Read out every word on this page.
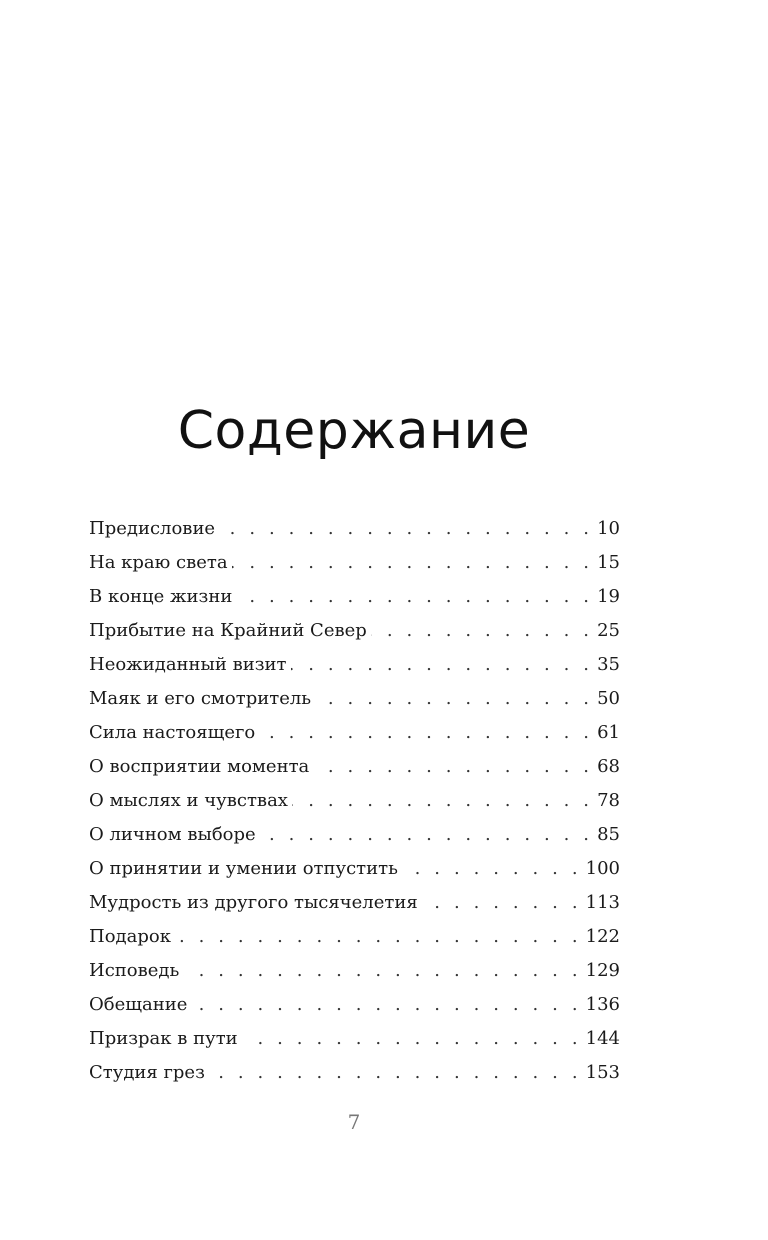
Содержание
Предисловие . . .	10
На краю света . . .	15
В конце жизни . . .	19
Прибытие на Крайний Север . . .	25
Неожиданный визит . . .	35
Маяк и его смотритель . . .	50
Сила настоящего . . .	61
О восприятии момента . . .	68
О мыслях и чувствах . . .	78
О личном выборе . . .	85
О принятии и умении отпустить . . .	100
Мудрость из другого тысячелетия . . .	113
Подарок . . .	122
Исповедь . . .	129
Обещание . . .	136
Призрак в пути . . .	144
Студия грез . . .	153
7
